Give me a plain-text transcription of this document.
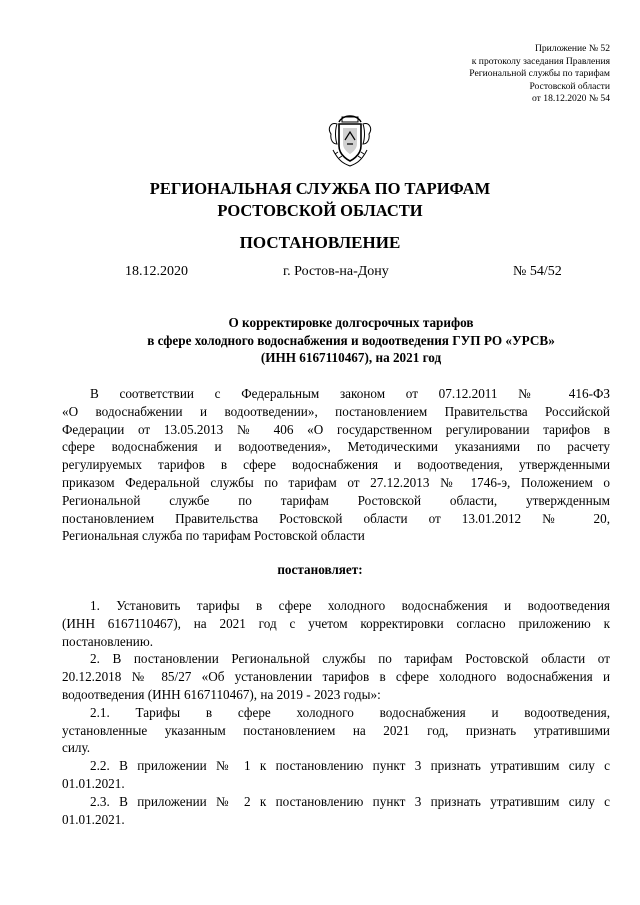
Приложение № 52
к протоколу заседания Правления
Региональной службы по тарифам
Ростовской области
от 18.12.2020 № 54
РЕГИОНАЛЬНАЯ СЛУЖБА ПО ТАРИФАМ
РОСТОВСКОЙ ОБЛАСТИ
ПОСТАНОВЛЕНИЕ
18.12.2020	г. Ростов-на-Дону	№ 54/52
О корректировке долгосрочных тарифов
в сфере холодного водоснабжения и водоотведения ГУП РО «УРСВ»
(ИНН 6167110467), на 2021 год
В соответствии с Федеральным законом от 07.12.2011 № 416-ФЗ
«О водоснабжении и водоотведении», постановлением Правительства Российской
Федерации от 13.05.2013 № 406 «О государственном регулировании тарифов в
сфере водоснабжения и водоотведения», Методическими указаниями по расчету
регулируемых тарифов в сфере водоснабжения и водоотведения, утвержденными
приказом Федеральной службы по тарифам от 27.12.2013 № 1746-э, Положением о
Региональной службе по тарифам Ростовской области, утвержденным
постановлением Правительства Ростовской области от 13.01.2012 № 20,
Региональная служба по тарифам Ростовской области
постановляет:
1. Установить тарифы в сфере холодного водоснабжения и водоотведения
(ИНН 6167110467), на 2021 год с учетом корректировки согласно приложению к
постановлению.
2. В постановлении Региональной службы по тарифам Ростовской области от
20.12.2018 № 85/27 «Об установлении тарифов в сфере холодного водоснабжения и
водоотведения (ИНН 6167110467), на 2019 - 2023 годы»:
2.1. Тарифы в сфере холодного водоснабжения и водоотведения,
установленные указанным постановлением на 2021 год, признать утратившими
силу.
2.2. В приложении № 1 к постановлению пункт 3 признать утратившим силу с
01.01.2021.
2.3. В приложении № 2 к постановлению пункт 3 признать утратившим силу с
01.01.2021.
